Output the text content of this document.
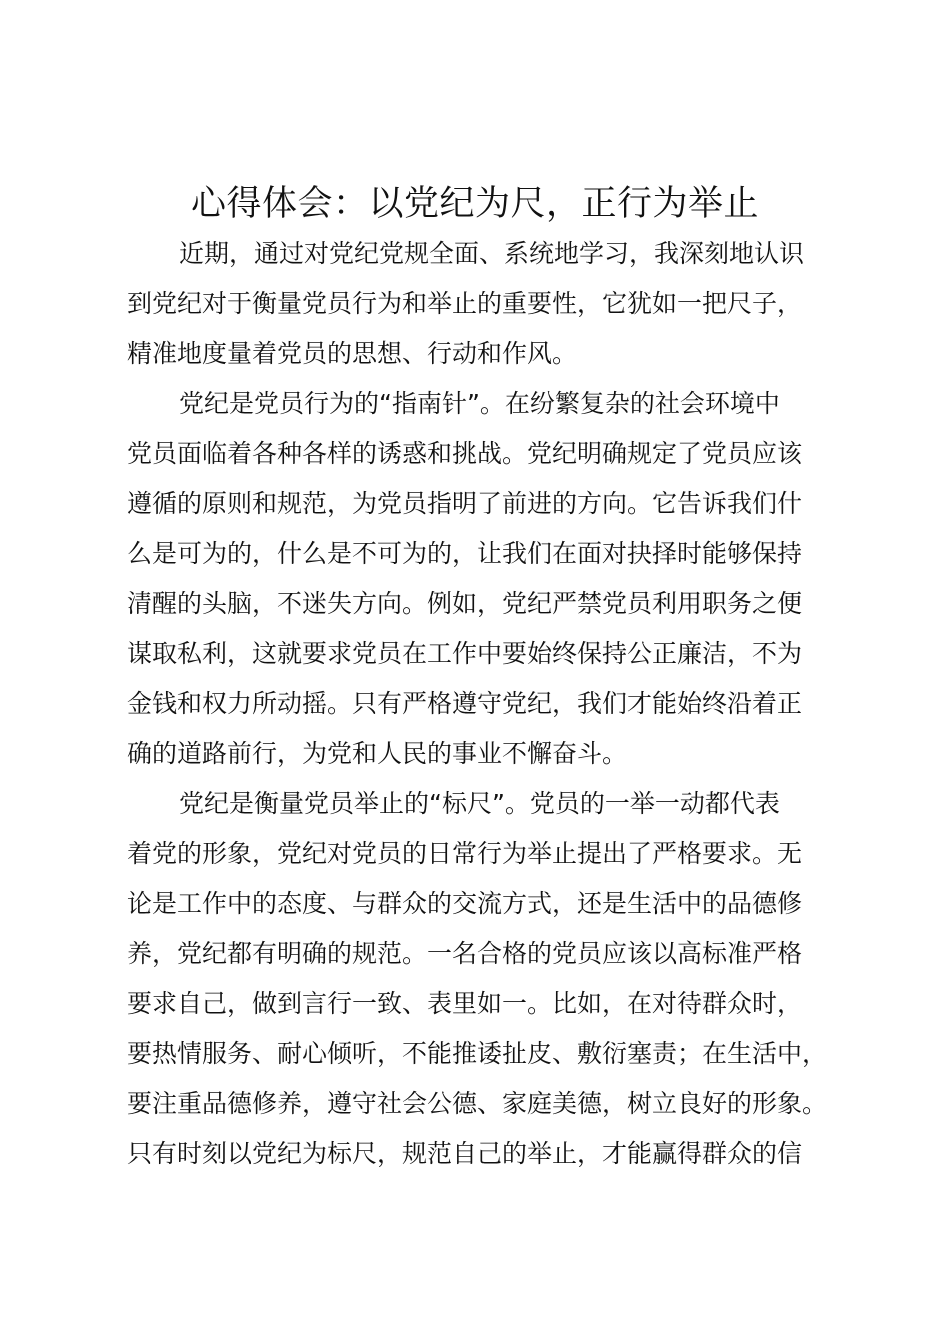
心得体会：以党纪为尺，正行为举止
近期，通过对党纪党规全面、系统地学习，我深刻地认识
到党纪对于衡量党员行为和举止的重要性，它犹如一把尺子，
精准地度量着党员的思想、行动和作风。
党纪是党员行为的“指南针”。在纷繁复杂的社会环境中
党员面临着各种各样的诱惑和挑战。党纪明确规定了党员应该
遵循的原则和规范，为党员指明了前进的方向。它告诉我们什
么是可为的，什么是不可为的，让我们在面对抉择时能够保持
清醒的头脑，不迷失方向。例如，党纪严禁党员利用职务之便
谋取私利，这就要求党员在工作中要始终保持公正廉洁，不为
金钱和权力所动摇。只有严格遵守党纪，我们才能始终沿着正
确的道路前行，为党和人民的事业不懈奋斗。
党纪是衡量党员举止的“标尺”。党员的一举一动都代表
着党的形象，党纪对党员的日常行为举止提出了严格要求。无
论是工作中的态度、与群众的交流方式，还是生活中的品德修
养，党纪都有明确的规范。一名合格的党员应该以高标准严格
要求自己，做到言行一致、表里如一。比如，在对待群众时，
要热情服务、耐心倾听，不能推诿扯皮、敷衍塞责；在生活中，
要注重品德修养，遵守社会公德、家庭美德，树立良好的形象。
只有时刻以党纪为标尺，规范自己的举止，才能赢得群众的信
